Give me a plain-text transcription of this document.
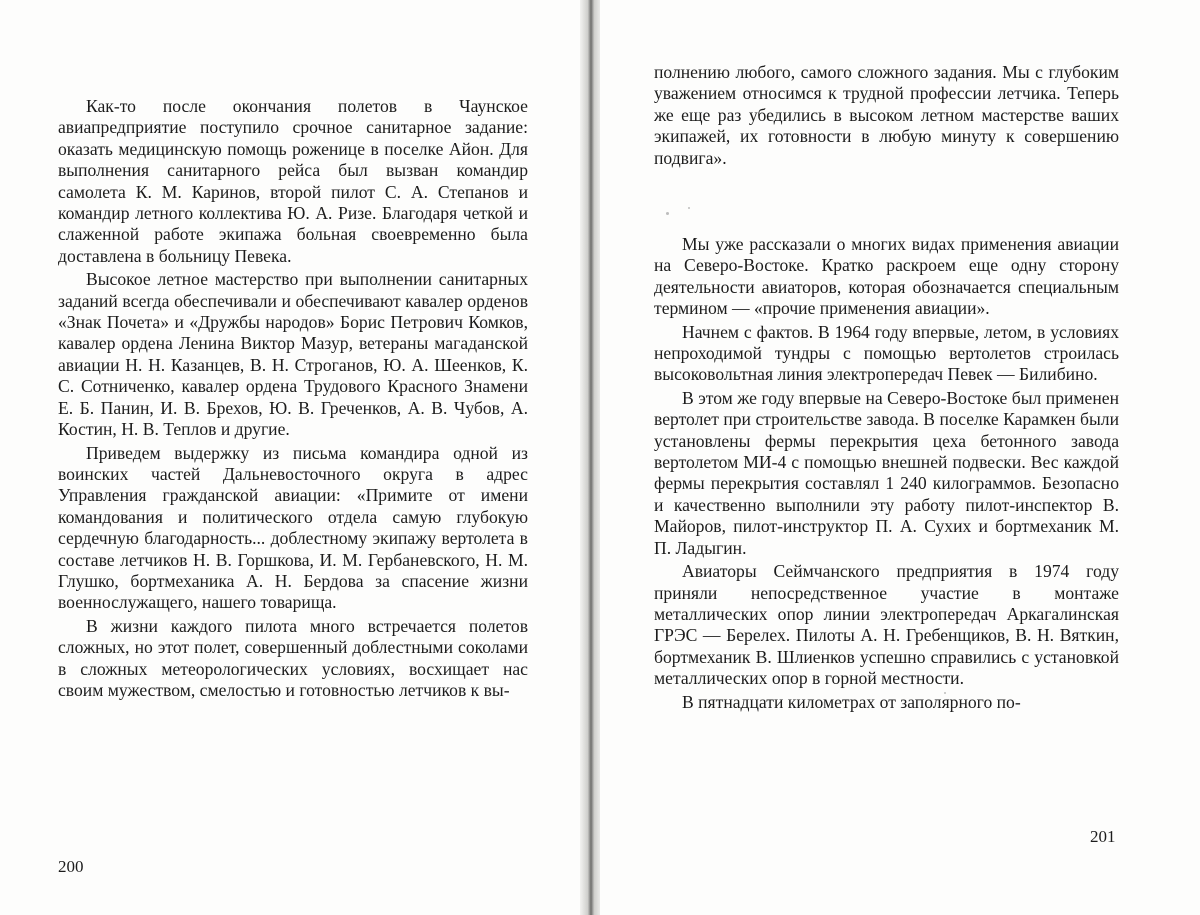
Как-то после окончания полетов в Чаунское авиапредприятие поступило срочное санитарное задание: оказать медицинскую помощь роженице в поселке Айон. Для выполнения санитарного рейса был вызван командир самолета К. М. Каринов, второй пилот С. А. Степанов и командир летного коллектива Ю. А. Ризе. Благодаря четкой и слаженной работе экипажа больная своевременно была доставлена в больницу Певека.

Высокое летное мастерство при выполнении санитарных заданий всегда обеспечивали и обеспечивают кавалер орденов «Знак Почета» и «Дружбы народов» Борис Петрович Комков, кавалер ордена Ленина Виктор Мазур, ветераны магаданской авиации Н. Н. Казанцев, В. Н. Строганов, Ю. А. Шеенков, К. С. Сотниченко, кавалер ордена Трудового Красного Знамени Е. Б. Панин, И. В. Брехов, Ю. В. Греченков, А. В. Чубов, А. Костин, Н. В. Теплов и другие.

Приведем выдержку из письма командира одной из воинских частей Дальневосточного округа в адрес Управления гражданской авиации: «Примите от имени командования и политического отдела самую глубокую сердечную благодарность... доблестному экипажу вертолета в составе летчиков Н. В. Горшкова, И. М. Гербаневского, Н. М. Глушко, бортмеханика А. Н. Бердова за спасение жизни военнослужащего, нашего товарища.

В жизни каждого пилота много встречается полетов сложных, но этот полет, совершенный доблестными соколами в сложных метеорологических условиях, восхищает нас своим мужеством, смелостью и готовностью летчиков к вы-

200

полнению любого, самого сложного задания. Мы с глубоким уважением относимся к трудной профессии летчика. Теперь же еще раз убедились в высоком летном мастерстве ваших экипажей, их готовности в любую минуту к совершению подвига».

Мы уже рассказали о многих видах применения авиации на Северо-Востоке. Кратко раскроем еще одну сторону деятельности авиаторов, которая обозначается специальным термином — «прочие применения авиации».

Начнем с фактов. В 1964 году впервые, летом, в условиях непроходимой тундры с помощью вертолетов строилась высоковольтная линия электропередач Певек — Билибино.

В этом же году впервые на Северо-Востоке был применен вертолет при строительстве завода. В поселке Карамкен были установлены фермы перекрытия цеха бетонного завода вертолетом МИ-4 с помощью внешней подвески. Вес каждой фермы перекрытия составлял 1 240 килограммов. Безопасно и качественно выполнили эту работу пилот-инспектор В. Майоров, пилот-инструктор П. А. Сухих и бортмеханик М. П. Ладыгин.

Авиаторы Сеймчанского предприятия в 1974 году приняли непосредственное участие в монтаже металлических опор линии электропередач Аркагалинская ГРЭС — Берелех. Пилоты А. Н. Гребенщиков, В. Н. Вяткин, бортмеханик В. Шлиенков успешно справились с установкой металлических опор в горной местности.

В пятнадцати километрах от заполярного по-

201
